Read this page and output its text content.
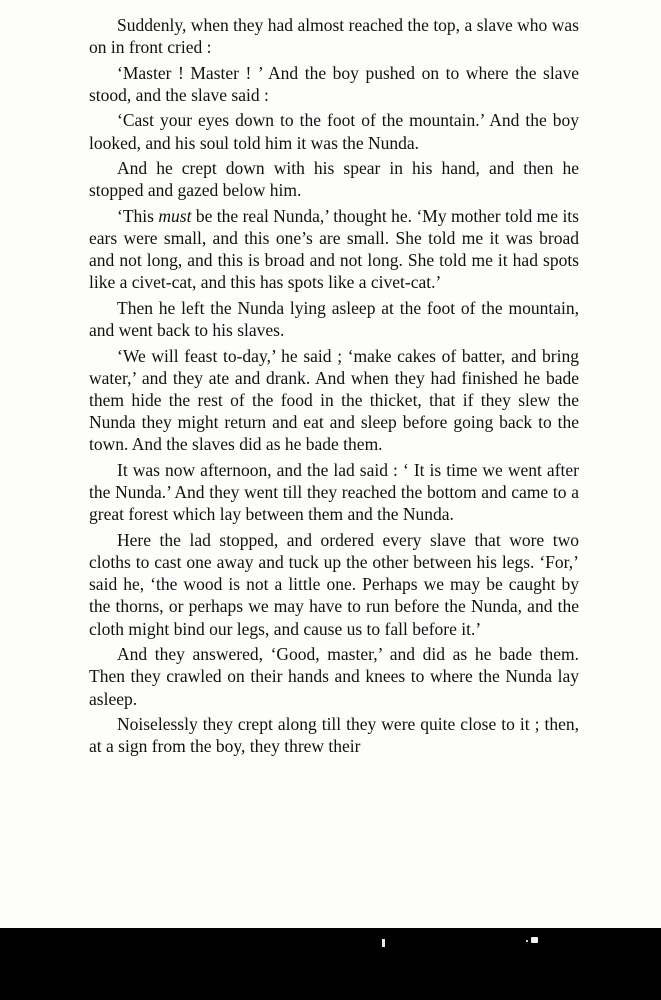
Suddenly, when they had almost reached the top, a slave who was on in front cried :

‘Master ! Master ! ’ And the boy pushed on to where the slave stood, and the slave said :

‘Cast your eyes down to the foot of the mountain.’ And the boy looked, and his soul told him it was the Nunda.

And he crept down with his spear in his hand, and then he stopped and gazed below him.

‘This must be the real Nunda,’ thought he. ‘My mother told me its ears were small, and this one’s are small. She told me it was broad and not long, and this is broad and not long. She told me it had spots like a civet-cat, and this has spots like a civet-cat.’

Then he left the Nunda lying asleep at the foot of the mountain, and went back to his slaves.

‘We will feast to-day,’ he said ; ‘make cakes of batter, and bring water,’ and they ate and drank. And when they had finished he bade them hide the rest of the food in the thicket, that if they slew the Nunda they might return and eat and sleep before going back to the town. And the slaves did as he bade them.

It was now afternoon, and the lad said : ‘ It is time we went after the Nunda.’ And they went till they reached the bottom and came to a great forest which lay between them and the Nunda.

Here the lad stopped, and ordered every slave that wore two cloths to cast one away and tuck up the other between his legs. ‘For,’ said he, ‘the wood is not a little one. Perhaps we may be caught by the thorns, or perhaps we may have to run before the Nunda, and the cloth might bind our legs, and cause us to fall before it.’

And they answered, ‘Good, master,’ and did as he bade them. Then they crawled on their hands and knees to where the Nunda lay asleep.

Noiselessly they crept along till they were quite close to it ; then, at a sign from the boy, they threw their
